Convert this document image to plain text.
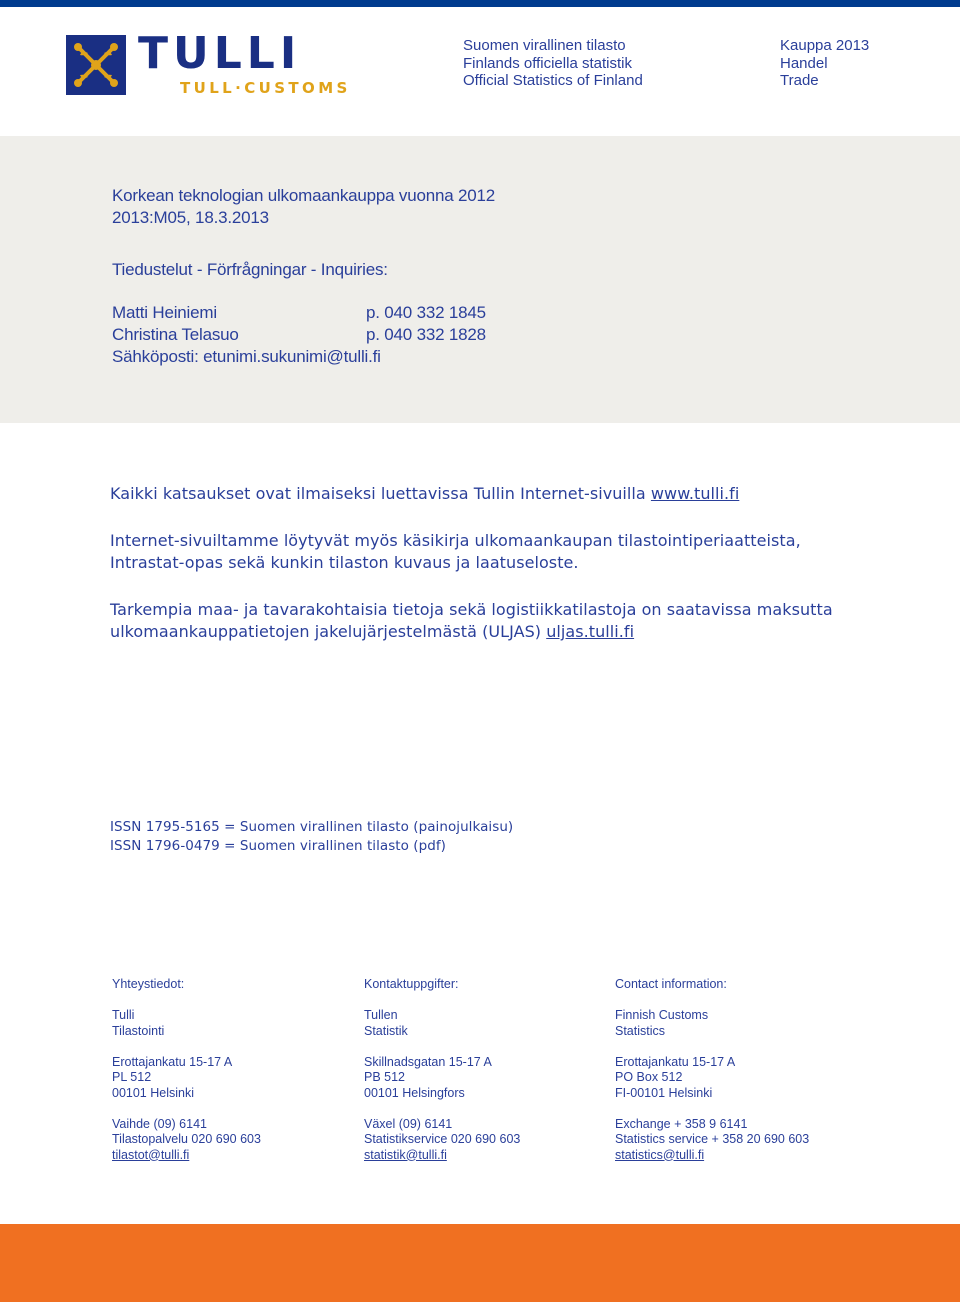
TULLI
TULL·CUSTOMS
Suomen virallinen tilasto
Finlands officiella statistik
Official Statistics of Finland
Kauppa 2013
Handel
Trade
Korkean teknologian ulkomaankauppa vuonna 2012
2013:M05, 18.3.2013
Tiedustelut - Förfrågningar - Inquiries:
Matti Heiniemi	p. 040 332 1845
Christina Telasuo	p. 040 332 1828
Sähköposti: etunimi.sukunimi@tulli.fi
Kaikki katsaukset ovat ilmaiseksi luettavissa Tullin Internet-sivuilla www.tulli.fi
Internet-sivuiltamme löytyvät myös käsikirja ulkomaankaupan tilastointiperiaatteista, Intrastat-opas sekä kunkin tilaston kuvaus ja laatuseloste.
Tarkempia maa- ja tavarakohtaisia tietoja sekä logistiikkatilastoja on saatavissa maksutta ulkomaankauppatietojen jakelujärjestelmästä (ULJAS) uljas.tulli.fi
ISSN 1795-5165 = Suomen virallinen tilasto (painojulkaisu)
ISSN 1796-0479 = Suomen virallinen tilasto (pdf)
Yhteystiedot:
Tulli
Tilastointi
Erottajankatu 15-17 A
PL 512
00101 Helsinki
Vaihde (09) 6141
Tilastopalvelu 020 690 603
tilastot@tulli.fi
Kontaktuppgifter:
Tullen
Statistik
Skillnadsgatan 15-17 A
PB 512
00101 Helsingfors
Växel (09) 6141
Statistikservice 020 690 603
statistik@tulli.fi
Contact information:
Finnish Customs
Statistics
Erottajankatu 15-17 A
PO Box 512
FI-00101 Helsinki
Exchange + 358 9 6141
Statistics service + 358 20 690 603
statistics@tulli.fi
